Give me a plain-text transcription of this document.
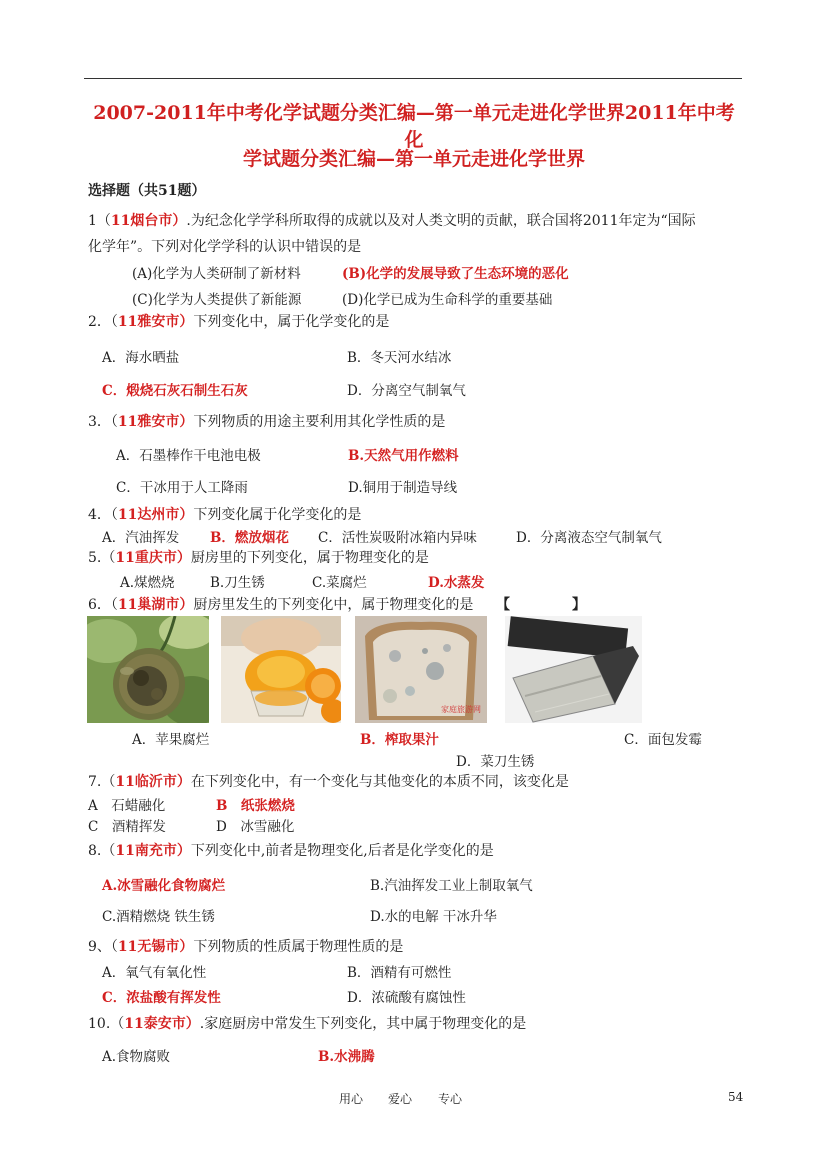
2007-2011年中考化学试题分类汇编—第一单元走进化学世界2011年中考化
学试题分类汇编—第一单元走进化学世界
选择题（共51题）
1（11烟台市）.为纪念化学学科所取得的成就以及对人类文明的贡献，联合国将2011年定为“国际
化学年”。下列对化学学科的认识中错误的是
(A)化学为人类研制了新材料	(B)化学的发展导致了生态环境的恶化
(C)化学为人类提供了新能源	(D)化学已成为生命科学的重要基础
2．（11雅安市）下列变化中，属于化学变化的是
A．海水晒盐	B．冬天河水结冰
C．煅烧石灰石制生石灰	D．分离空气制氧气
3．（11雅安市）下列物质的用途主要利用其化学性质的是
A．石墨棒作干电池电极	B.天然气用作燃料
C．干冰用于人工降雨	D.铜用于制造导线
4．（11达州市）下列变化属于化学变化的是
A．汽油挥发 B．燃放烟花 C．活性炭吸附冰箱内异味	D．分离液态空气制氧气
5.（11重庆市）厨房里的下列变化，属于物理变化的是
A.煤燃烧	B.刀生锈	C.菜腐烂	D.水蒸发
6．（11巢湖市）厨房里发生的下列变化中，属于物理变化的是 【	】
家庭旅游网
A．苹果腐烂	B．榨取果汁	C．面包发霉
D．菜刀生锈
7.（11临沂市）在下列变化中，有一个变化与其他变化的本质不同，该变化是
A　石蜡融化	B　纸张燃烧
C　酒精挥发	D　冰雪融化
8.（11南充市）下列变化中,前者是物理变化,后者是化学变化的是
A.冰雪融化食物腐烂	B.汽油挥发工业上制取氧气
C.酒精燃烧 铁生锈	D.水的电解 干冰升华
9、（11无锡市）下列物质的性质属于物理性质的是
A．氧气有氧化性	B．酒精有可燃性
C．浓盐酸有挥发性	D．浓硫酸有腐蚀性
10.（11泰安市）.家庭厨房中常发生下列变化，其中属于物理变化的是
A.食物腐败	B.水沸腾
用心 爱心 专心	54
